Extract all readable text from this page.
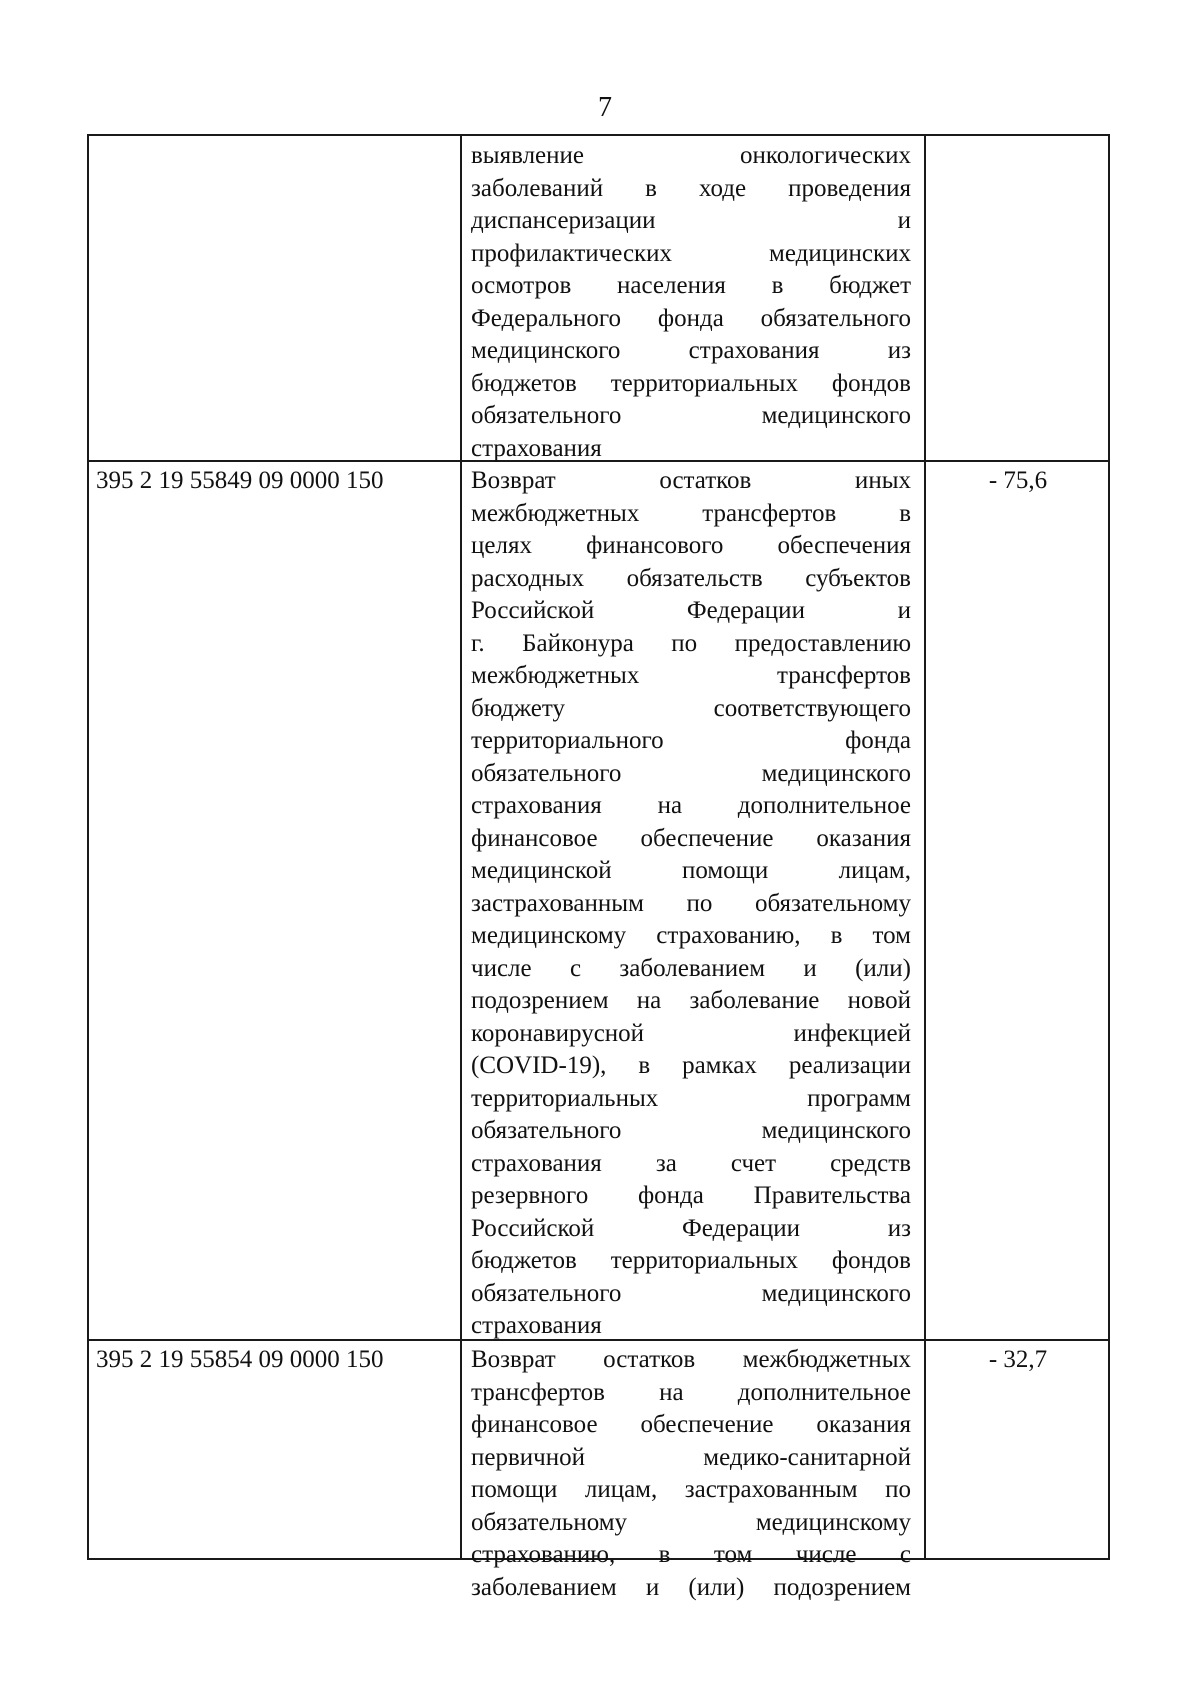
7
выявление онкологических
заболеваний в ходе проведения
диспансеризации и
профилактических медицинских
осмотров населения в бюджет
Федерального фонда обязательного
медицинского страхования из
бюджетов территориальных фондов
обязательного медицинского
страхования
395 2 19 55849 09 0000 150	Возврат остатков иных
межбюджетных трансфертов в
целях финансового обеспечения
расходных обязательств субъектов
Российской Федерации и
г. Байконура по предоставлению
межбюджетных трансфертов
бюджету соответствующего
территориального фонда
обязательного медицинского
страхования на дополнительное
финансовое обеспечение оказания
медицинской помощи лицам,
застрахованным по обязательному
медицинскому страхованию, в том
числе с заболеванием и (или)
подозрением на заболевание новой
коронавирусной инфекцией
(COVID-19), в рамках реализации
территориальных программ
обязательного медицинского
страхования за счет средств
резервного фонда Правительства
Российской Федерации из
бюджетов территориальных фондов
обязательного медицинского
страхования
- 75,6
395 2 19 55854 09 0000 150	Возврат остатков межбюджетных
трансфертов на дополнительное
финансовое обеспечение оказания
первичной медико-санитарной
помощи лицам, застрахованным по
обязательному медицинскому
страхованию, в том числе с
заболеванием и (или) подозрением
- 32,7
